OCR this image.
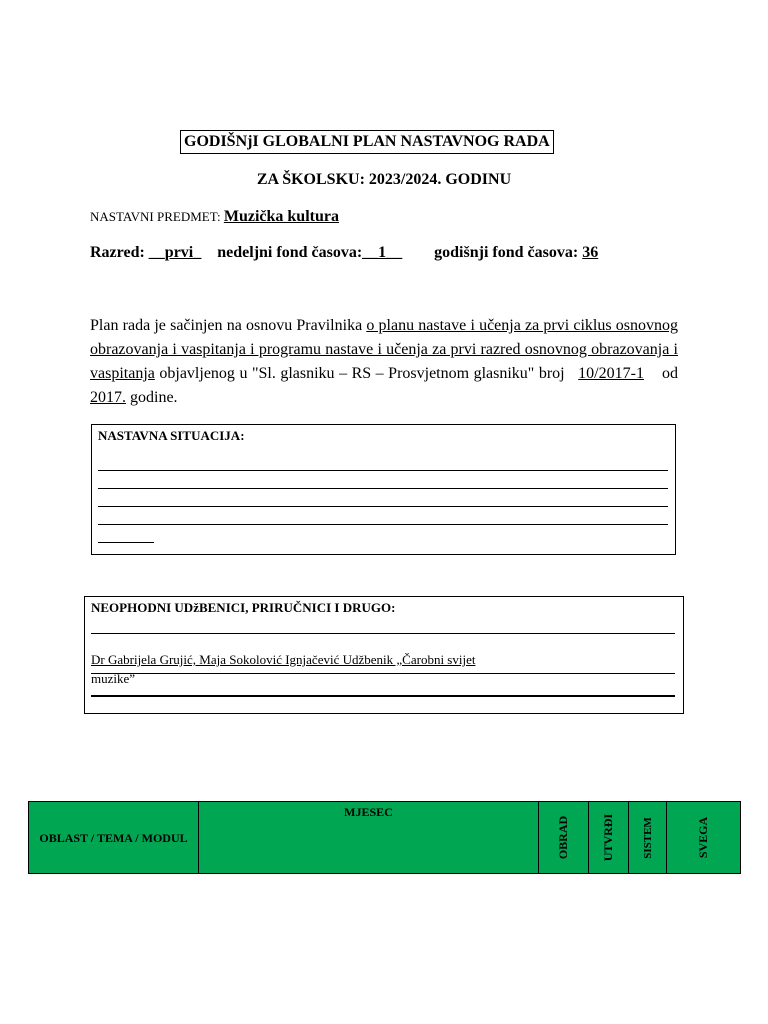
GODIŠNjI GLOBALNI PLAN NASTAVNOG RADA
ZA ŠKOLSKU: 2023/2024. GODINU
NASTAVNI PREDMET: Muzička kultura
Razred: __prvi_ nedeljni fond časova:__1__ godišnji fond časova: 36
Plan rada je sačinjen na osnovu Pravilnika o planu nastave i učenja za prvi ciklus osnovnog obrazovanja i vaspitanja i programu nastave i učenja za prvi razred osnovnog obrazovanja i vaspitanja objavljenog u "Sl. glasniku – RS – Prosvjetnom glasniku" broj   10/2017-1    od 2017. godine.
NASTAVNA SITUACIJA:
NEOPHODNI UDžBENICI, PRIRUČNICI I DRUGO:
Dr Gabrijela Grujić, Maja Sokolović Ignjačević Udžbenik „Čarobni svijet
muzike”
OBLAST / TEMA / MODUL
MJESEC
OBRAD	UTVRĐI SISTEM	SVEGA
